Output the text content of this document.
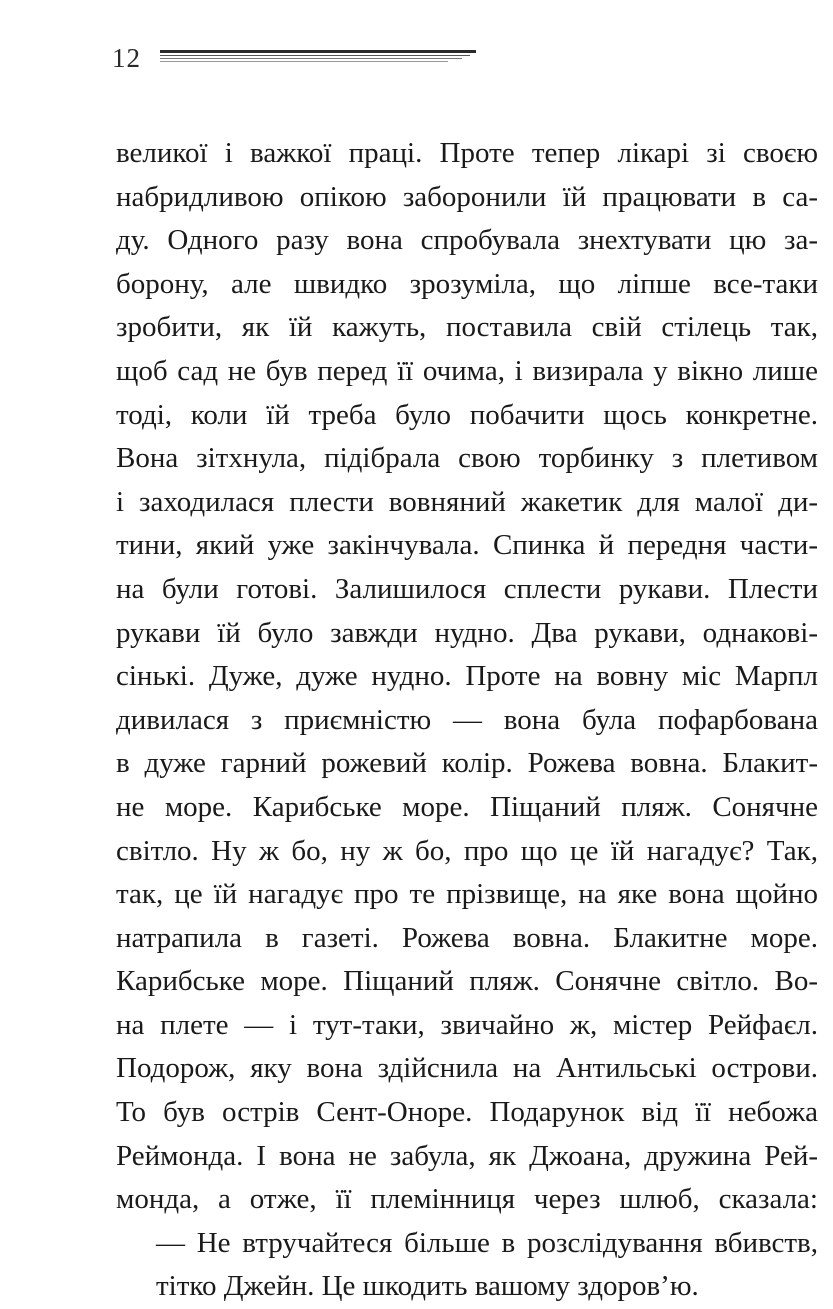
12
великої і важкої праці. Проте тепер лікарі зі своєю
набридливою опікою заборонили їй працювати в са-
ду. Одного разу вона спробувала знехтувати цю за-
борону, але швидко зрозуміла, що ліпше все-таки
зробити, як їй кажуть, поставила свій стілець так,
щоб сад не був перед її очима, і визирала у вікно лише
тоді, коли їй треба було побачити щось конкретне.
Вона зітхнула, підібрала свою торбинку з плетивом
і заходилася плести вовняний жакетик для малої ди-
тини, який уже закінчувала. Спинка й передня части-
на були готові. Залишилося сплести рукави. Плести
рукави їй було завжди нудно. Два рукави, однакові-
сінькі. Дуже, дуже нудно. Проте на вовну міс Марпл
дивилася з приємністю — вона була пофарбована
в дуже гарний рожевий колір. Рожева вовна. Блакит-
не море. Карибське море. Піщаний пляж. Сонячне
світло. Ну ж бо, ну ж бо, про що це їй нагадує? Так,
так, це їй нагадує про те прізвище, на яке вона щойно
натрапила в газеті. Рожева вовна. Блакитне море.
Карибське море. Піщаний пляж. Сонячне світло. Во-
на плете — і тут-таки, звичайно ж, містер Рейфаєл.
Подорож, яку вона здійснила на Антильські острови.
То був острів Сент-Оноре. Подарунок від її небожа
Реймонда. І вона не забула, як Джоана, дружина Рей-
монда, а отже, її племінниця через шлюб, сказала:
— Не втручайтеся більше в розслідування вбивств,
тітко Джейн. Це шкодить вашому здоров’ю.
